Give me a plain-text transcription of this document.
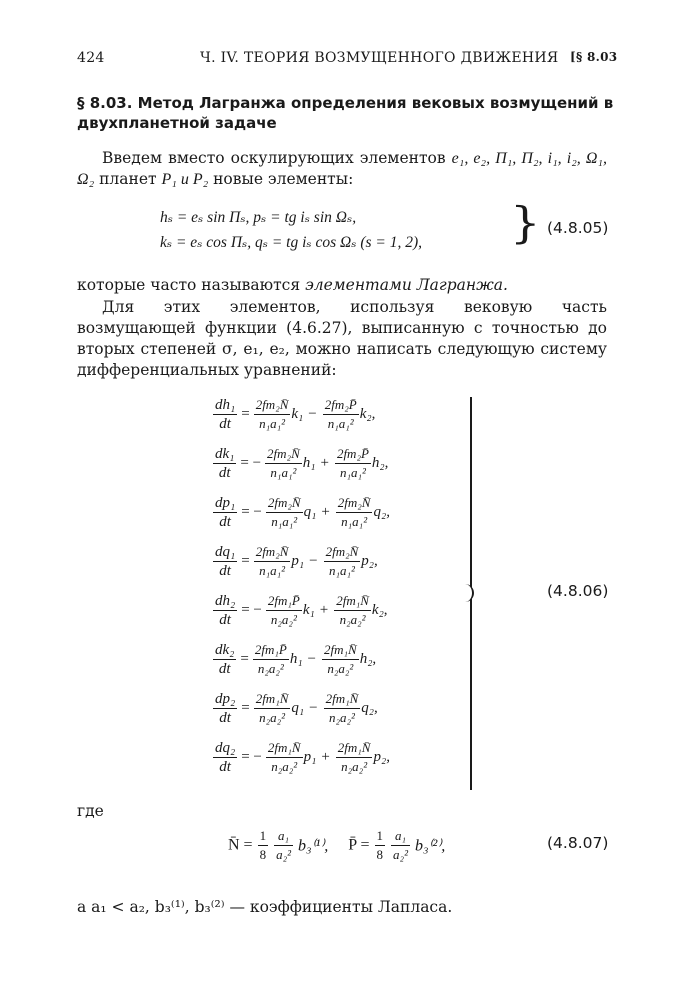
424	Ч. IV. ТЕОРИЯ ВОЗМУЩЕННОГО ДВИЖЕНИЯ [§ 8.03
§ 8.03. Метод Лагранжа определения вековых возмущений в двухпланетной задаче
Введем вместо оскулирующих элементов e₁, e₂, Π₁, Π₂, i₁, i₂, Ω₁, Ω₂ планет P₁ и P₂ новые элементы:
hₛ = eₛ sin Πₛ, pₛ = tg iₛ sin Ωₛ,
kₛ = eₛ cos Πₛ, qₛ = tg iₛ cos Ωₛ (s = 1, 2), } (4.8.05)
которые часто называются элементами Лагранжа.
Для этих элементов, используя вековую часть возмущающей функции (4.6.27), выписанную с точностью до вторых степеней σ, e₁, e₂, можно написать следующую систему дифференциальных уравнений:
$\frac{\text{dh₁}}{dt} = \frac{\text{2fm₂N̄}}{\text{n₁a₁²}} k_1 - \frac{\text{2fm₂P̄}}{\text{n₁a₁²}} k_2$,
$\frac{\text{dk₁}}{dt}$ = − $\frac{\text{2fm₂N̄}}{\text{n₁a₁²}} h_1 + \frac{\text{2fm₂P̄}}{\text{n₁a₁²}} h_2$,
$\frac{\text{dp₁}}{dt}$ = − $\frac{\text{2fm₂N̄}}{\text{n₁a₁²}} q_1 + \frac{\text{2fm₂N̄}}{\text{n₁a₁²}} q_2$,
$\frac{\text{dq₁}}{dt} = \frac{\text{2fm₂N̄}}{\text{n₁a₁²}} p_1 - \frac{\text{2fm₂N̄}}{\text{n₁a₁²}} p_2$,
$\frac{\text{dh₂}}{dt}$ = − $\frac{\text{2fm₁P̄}}{\text{n₂a₂²}} k_1 + \frac{\text{2fm₁N̄}}{\text{n₂a₂²}} k_2$,
$\frac{\text{dk₂}}{dt} = \frac{\text{2fm₁P̄}}{\text{n₂a₂²}} h_1 - \frac{\text{2fm₁N̄}}{\text{n₂a₂²}} h_2$,
$\frac{\text{dp₂}}{dt} = \frac{\text{2fm₁N̄}}{\text{n₂a₂²}} q_1 - \frac{\text{2fm₁N̄}}{\text{n₂a₂²}} q_2$,
$\frac{\text{dq₂}}{dt}$ = − $\frac{\text{2fm₁N̄}}{\text{n₂a₂²}} p_1 + \frac{\text{2fm₁N̄}}{\text{n₂a₂²}} p_2$,
(4.8.06)
где
N̄ = $\frac{1}{8}$
$\frac{\text{a₁}}{\text{a₂²}} b_3^{(1)}$, P̄ = $\frac{1}{8}$
$\frac{\text{a₁}}{\text{a₂²}} b_3^{(2)}$,	(4.8.07)
а a₁ < a₂, b₃⁽¹⁾, b₃⁽²⁾ — коэффициенты Лапласа.
